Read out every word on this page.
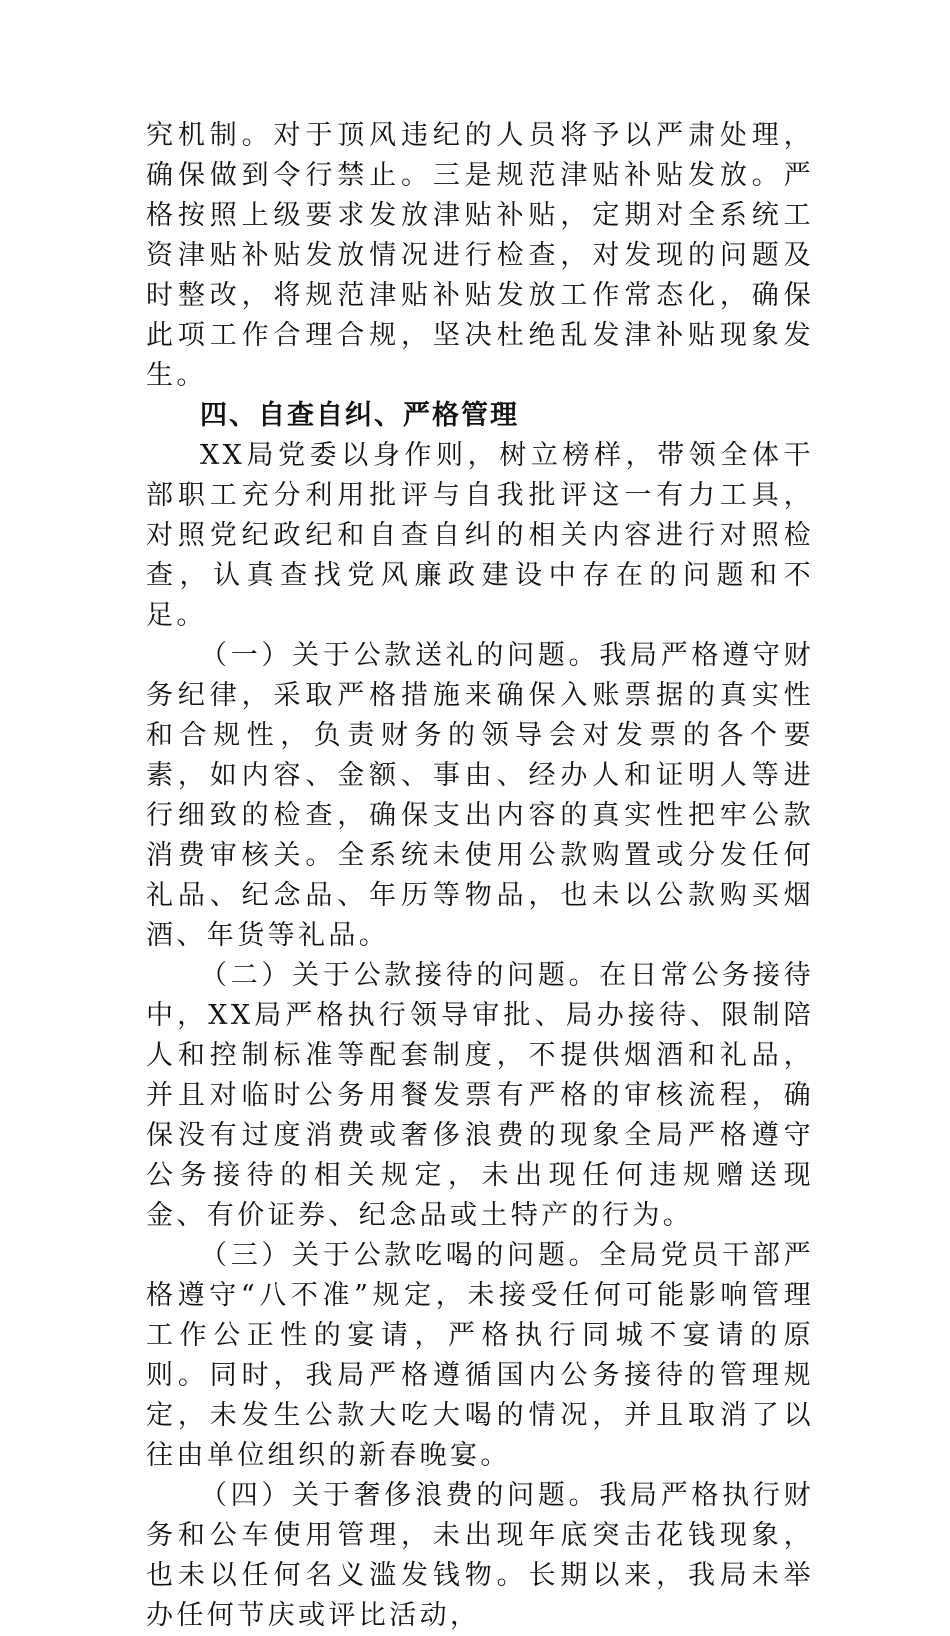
究机制。对于顶风违纪的人员将予以严肃处理，确保做到令行禁止。三是规范津贴补贴发放。严格按照上级要求发放津贴补贴，定期对全系统工资津贴补贴发放情况进行检查，对发现的问题及时整改，将规范津贴补贴发放工作常态化，确保此项工作合理合规，坚决杜绝乱发津补贴现象发生。

四、自查自纠、严格管理

XX局党委以身作则，树立榜样，带领全体干部职工充分利用批评与自我批评这一有力工具，对照党纪政纪和自查自纠的相关内容进行对照检查，认真查找党风廉政建设中存在的问题和不足。

（一）关于公款送礼的问题。我局严格遵守财务纪律，采取严格措施来确保入账票据的真实性和合规性，负责财务的领导会对发票的各个要素，如内容、金额、事由、经办人和证明人等进行细致的检查，确保支出内容的真实性把牢公款消费审核关。全系统未使用公款购置或分发任何礼品、纪念品、年历等物品，也未以公款购买烟酒、年货等礼品。

（二）关于公款接待的问题。在日常公务接待中，XX局严格执行领导审批、局办接待、限制陪人和控制标准等配套制度，不提供烟酒和礼品，并且对临时公务用餐发票有严格的审核流程，确保没有过度消费或奢侈浪费的现象全局严格遵守公务接待的相关规定，未出现任何违规赠送现金、有价证券、纪念品或土特产的行为。

（三）关于公款吃喝的问题。全局党员干部严格遵守“八不准”规定，未接受任何可能影响管理工作公正性的宴请，严格执行同城不宴请的原则。同时，我局严格遵循国内公务接待的管理规定，未发生公款大吃大喝的情况，并且取消了以往由单位组织的新春晚宴。

（四）关于奢侈浪费的问题。我局严格执行财务和公车使用管理，未出现年底突击花钱现象，也未以任何名义滥发钱物。长期以来，我局未举办任何节庆或评比活动，
